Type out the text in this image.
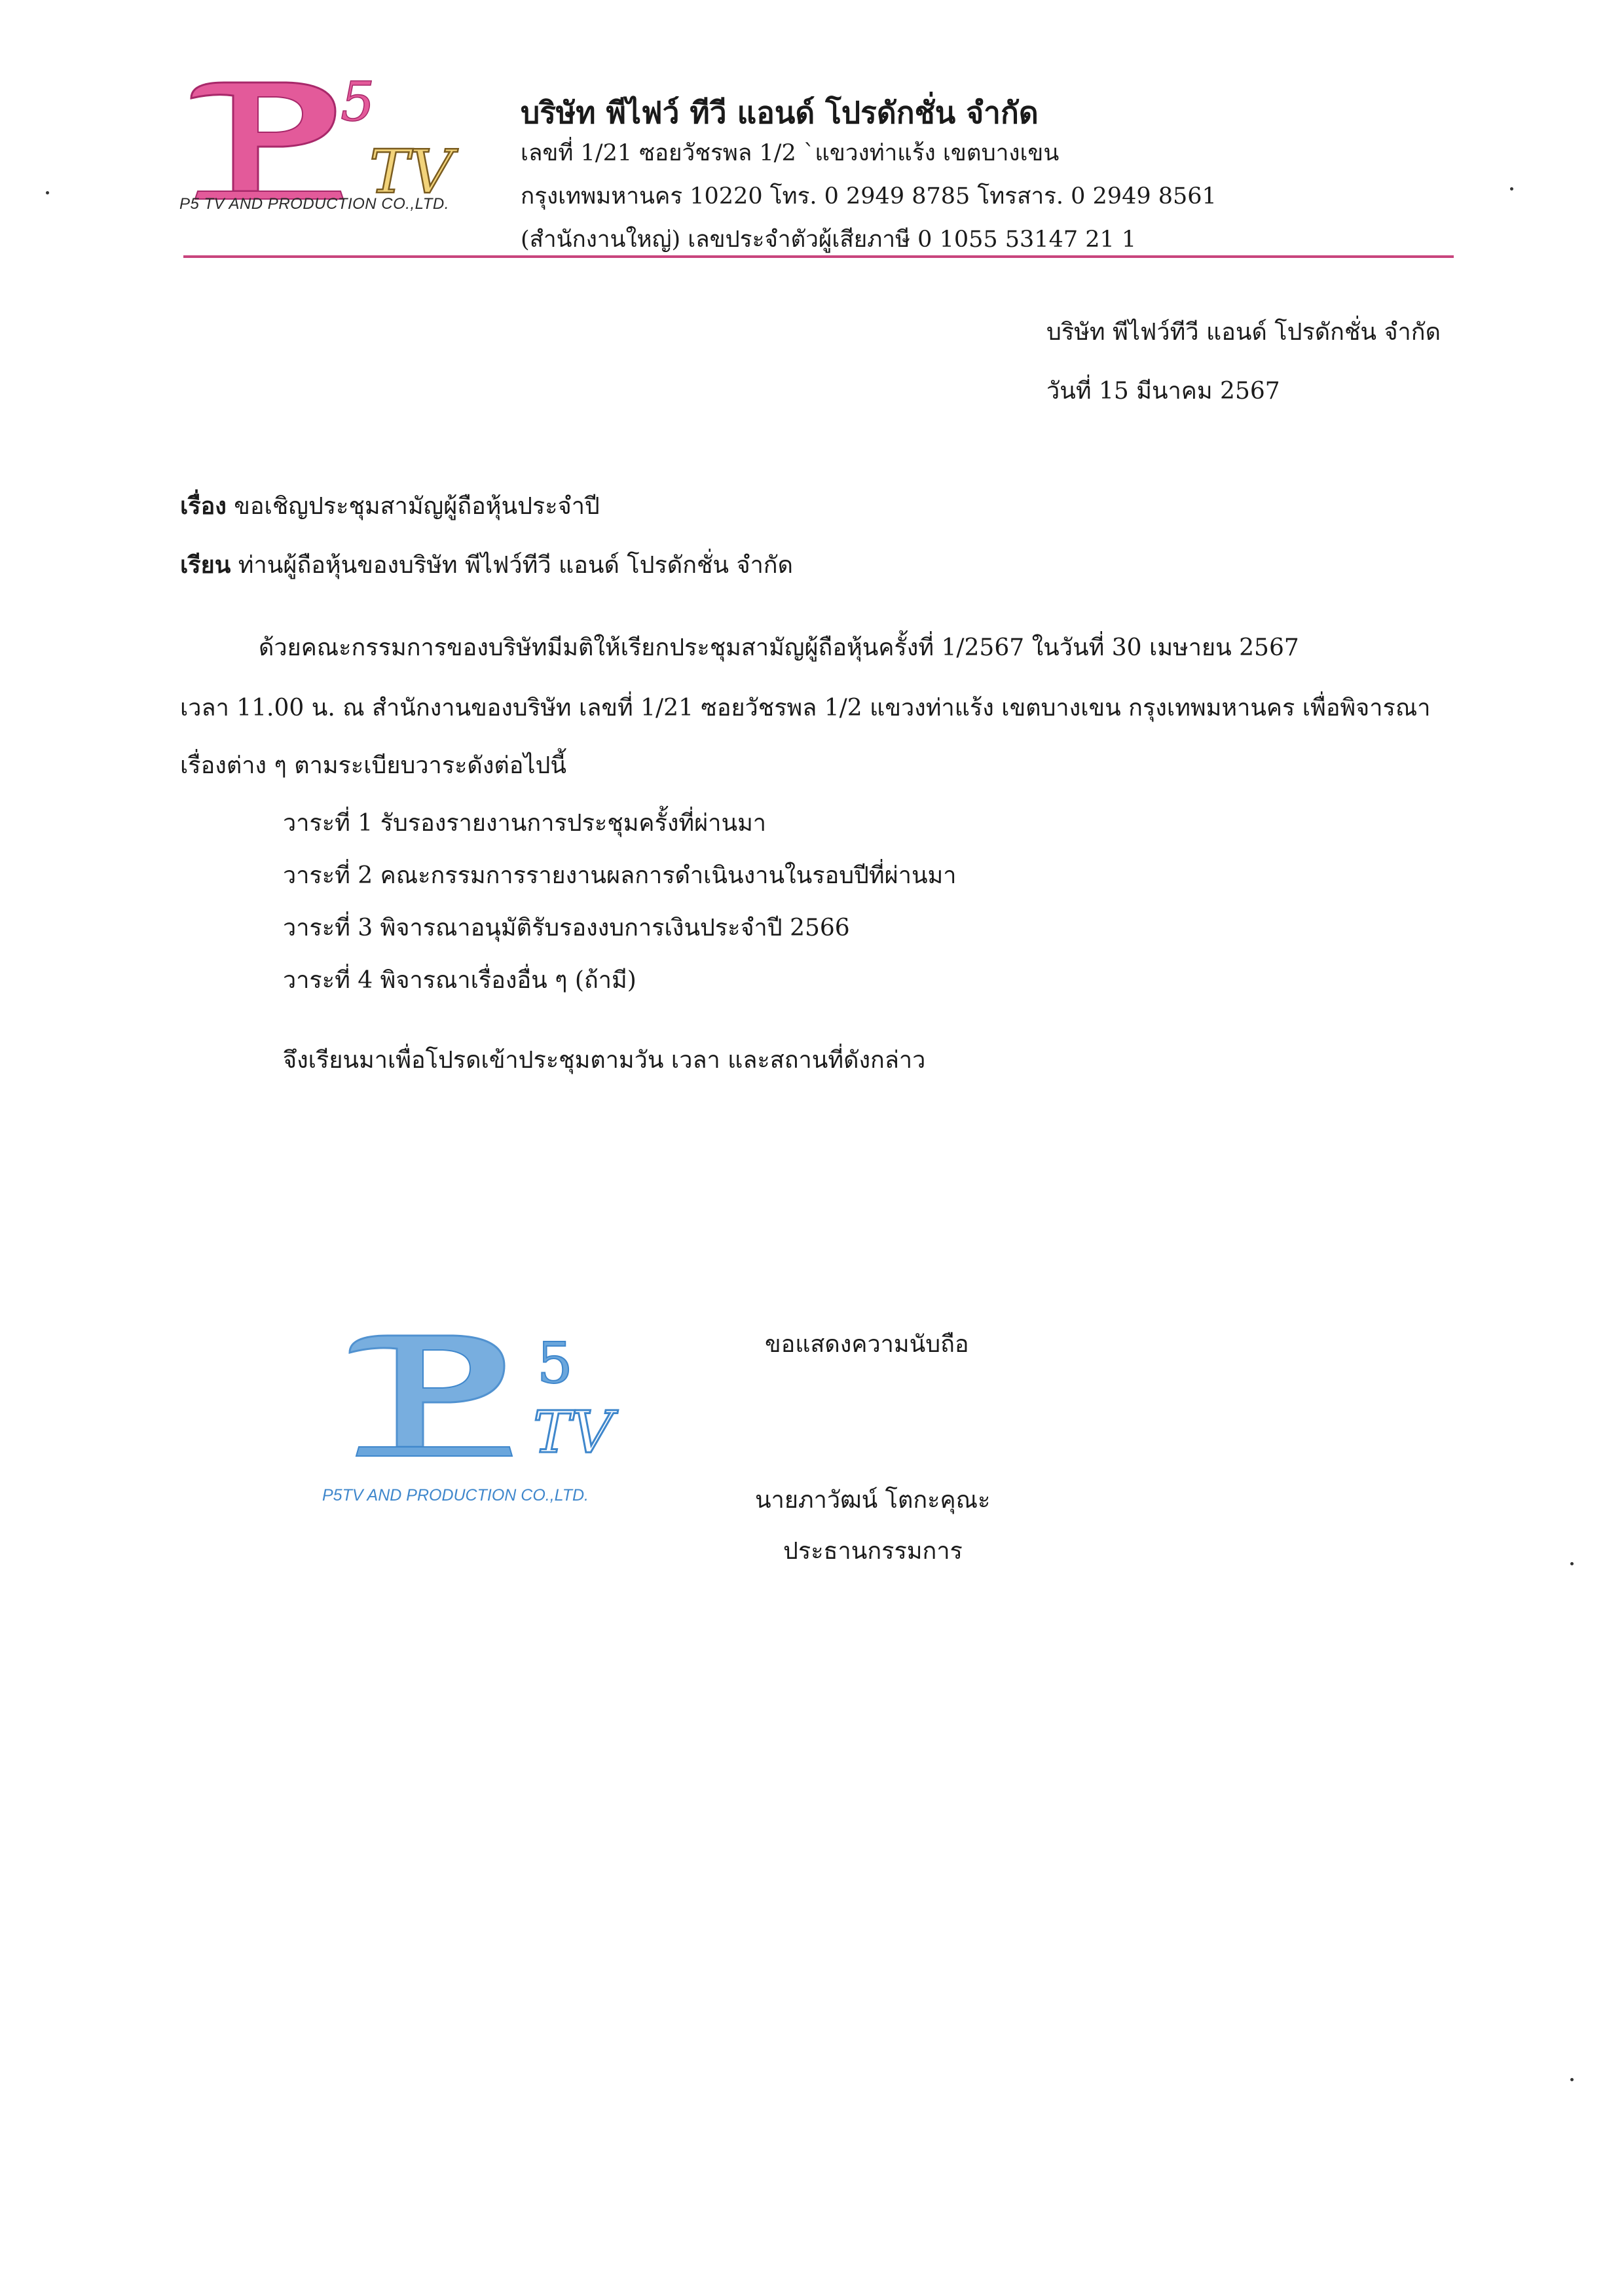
5
TV
P5 TV AND PRODUCTION CO.,LTD.
บริษัท พีไฟว์ ทีวี แอนด์ โปรดักชั่น จำกัด
เลขที่ 1/21 ซอยวัชรพล 1/2 `แขวงท่าแร้ง เขตบางเขน
กรุงเทพมหานคร 10220 โทร. 0 2949 8785 โทรสาร. 0 2949 8561
(สำนักงานใหญ่) เลขประจำตัวผู้เสียภาษี 0 1055 53147 21 1
บริษัท พีไฟว์ทีวี แอนด์ โปรดักชั่น จำกัด
วันที่ 15 มีนาคม 2567
เรื่อง ขอเชิญประชุมสามัญผู้ถือหุ้นประจำปี
เรียน ท่านผู้ถือหุ้นของบริษัท พีไฟว์ทีวี แอนด์ โปรดักชั่น จำกัด
ด้วยคณะกรรมการของบริษัทมีมติให้เรียกประชุมสามัญผู้ถือหุ้นครั้งที่ 1/2567 ในวันที่ 30 เมษายน 2567
เวลา 11.00 น. ณ สำนักงานของบริษัท เลขที่ 1/21 ซอยวัชรพล 1/2 แขวงท่าแร้ง เขตบางเขน กรุงเทพมหานคร เพื่อพิจารณา
เรื่องต่าง ๆ ตามระเบียบวาระดังต่อไปนี้
วาระที่ 1 รับรองรายงานการประชุมครั้งที่ผ่านมา
วาระที่ 2 คณะกรรมการรายงานผลการดำเนินงานในรอบปีที่ผ่านมา
วาระที่ 3 พิจารณาอนุมัติรับรองงบการเงินประจำปี 2566
วาระที่ 4 พิจารณาเรื่องอื่น ๆ (ถ้ามี)
จึงเรียนมาเพื่อโปรดเข้าประชุมตามวัน เวลา และสถานที่ดังกล่าว
5
TV
P5TV AND PRODUCTION CO.,LTD.
ขอแสดงความนับถือ
นายภาวัฒน์ โตกะคุณะ
ประธานกรรมการ
